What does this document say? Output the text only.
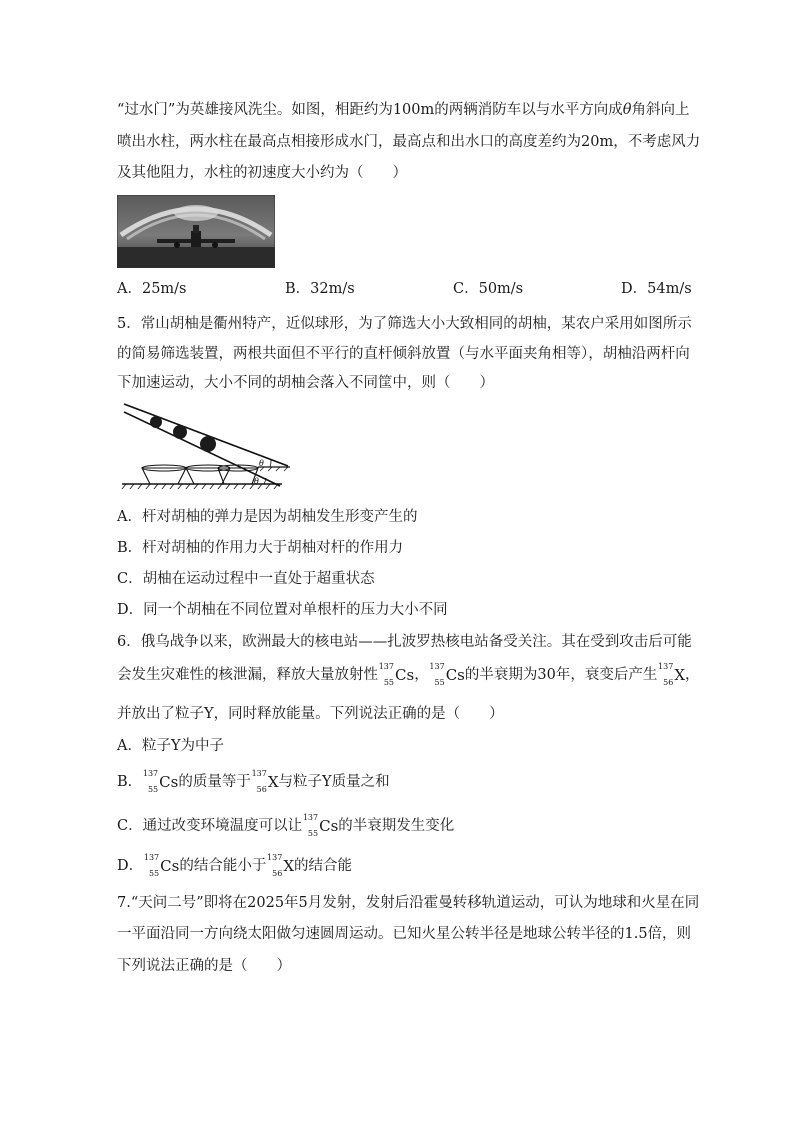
“过水门”为英雄接风洗尘。如图，相距约为100m的两辆消防车以与水平方向成θ角斜向上
喷出水柱，两水柱在最高点相接形成水门，最高点和出水口的高度差约为20m，不考虑风力
及其他阻力，水柱的初速度大小约为（　　）
A．25m/s	B．32m/s	C．50m/s	D．54m/s
5．常山胡柚是衢州特产，近似球形，为了筛选大小大致相同的胡柚，某农户采用如图所示
的简易筛选装置，两根共面但不平行的直杆倾斜放置（与水平面夹角相等），胡柚沿两杆向
下加速运动，大小不同的胡柚会落入不同筐中，则（　　）
θ
θ
A．杆对胡柚的弹力是因为胡柚发生形变产生的
B．杆对胡柚的作用力大于胡柚对杆的作用力
C．胡柚在运动过程中一直处于超重状态
D．同一个胡柚在不同位置对单根杆的压力大小不同
6．俄乌战争以来，欧洲最大的核电站——扎波罗热核电站备受关注。其在受到攻击后可能
会发生灾难性的核泄漏，释放大量放射性
137
55 Cs，
137
55 Cs的半衰期为30年，衰变后产生
137
56 X，
并放出了粒子Y，同时释放能量。下列说法正确的是（　　）
A．粒子Y为中子
B．
137
55 Cs的质量等于
137
56 X与粒子Y质量之和
C．通过改变环境温度可以让
137
55 Cs的半衰期发生变化
D．
137
55 Cs的结合能小于
137
56 X的结合能
7.“天问二号”即将在2025年5月发射，发射后沿霍曼转移轨道运动，可认为地球和火星在同
一平面沿同一方向绕太阳做匀速圆周运动。已知火星公转半径是地球公转半径的1.5倍，则
下列说法正确的是（　　）
